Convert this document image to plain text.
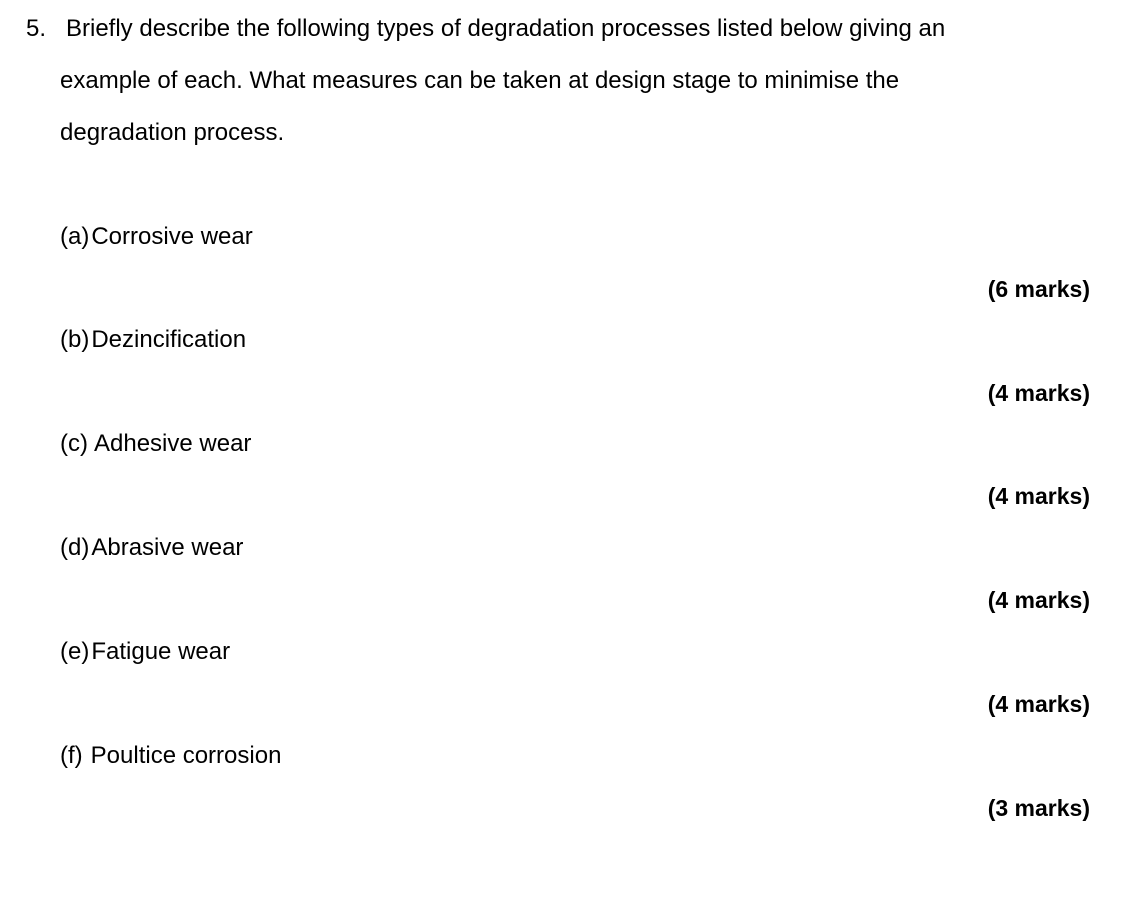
5. Briefly describe the following types of degradation processes listed below giving an
example of each. What measures can be taken at design stage to minimise the
degradation process.
(a)Corrosive wear
(6 marks)
(b)Dezincification
(4 marks)
(c) Adhesive wear
(4 marks)
(d)Abrasive wear
(4 marks)
(e)Fatigue wear
(4 marks)
(f) Poultice corrosion
(3 marks)
